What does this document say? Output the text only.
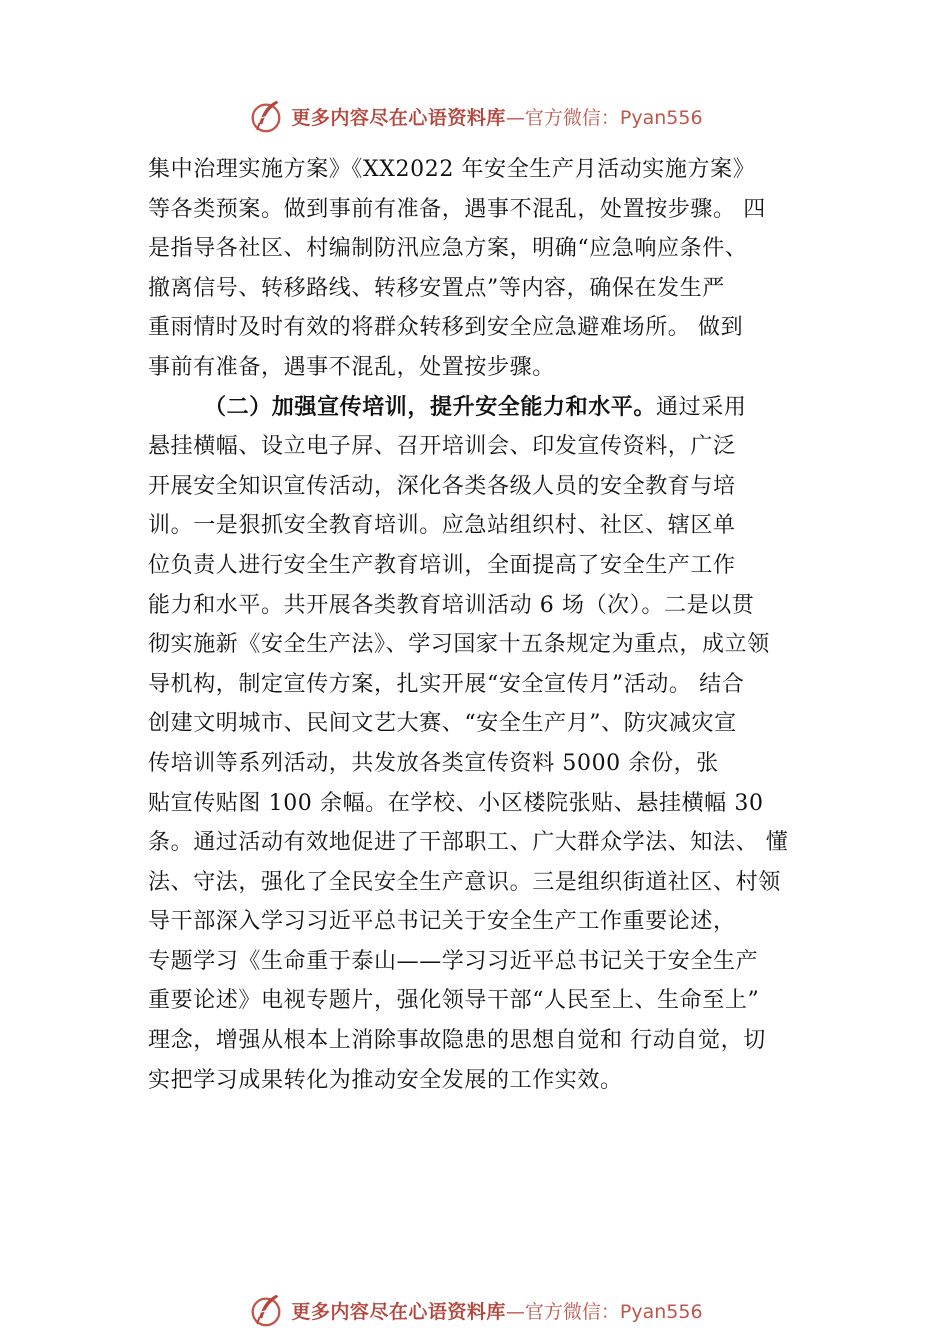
更多内容尽在心语资料库 —官方微信：Pyan556
集中治理实施方案》《XX2022 年安全生产月活动实施方案》
等各类预案。做到事前有准备，遇事不混乱，处置按步骤。 四
是指导各社区、村编制防汛应急方案，明确“应急响应条件、
撤离信号、转移路线、转移安置点”等内容，确保在发生严
重雨情时及时有效的将群众转移到安全应急避难场所。 做到
事前有准备，遇事不混乱，处置按步骤。
（二）加强宣传培训，提升安全能力和水平。通过采用
悬挂横幅、设立电子屏、召开培训会、印发宣传资料，广泛
开展安全知识宣传活动，深化各类各级人员的安全教育与培
训。一是狠抓安全教育培训。应急站组织村、社区、辖区单
位负责人进行安全生产教育培训，全面提高了安全生产工作
能力和水平。共开展各类教育培训活动 6 场（次）。二是以贯
彻实施新《安全生产法》、学习国家十五条规定为重点，成立领
导机构，制定宣传方案，扎实开展“安全宣传月”活动。 结合
创建文明城市、民间文艺大赛、“安全生产月”、防灾减灾宣
传培训等系列活动，共发放各类宣传资料 5000 余份，张
贴宣传贴图 100 余幅。在学校、小区楼院张贴、悬挂横幅 30
条。通过活动有效地促进了干部职工、广大群众学法、知法、 懂
法、守法，强化了全民安全生产意识。三是组织街道社区、村领
导干部深入学习习近平总书记关于安全生产工作重要论述，
专题学习《生命重于泰山——学习习近平总书记关于安全生产
重要论述》电视专题片，强化领导干部“人民至上、生命至上”
理念，增强从根本上消除事故隐患的思想自觉和 行动自觉，切
实把学习成果转化为推动安全发展的工作实效。
更多内容尽在心语资料库 —官方微信：Pyan556
